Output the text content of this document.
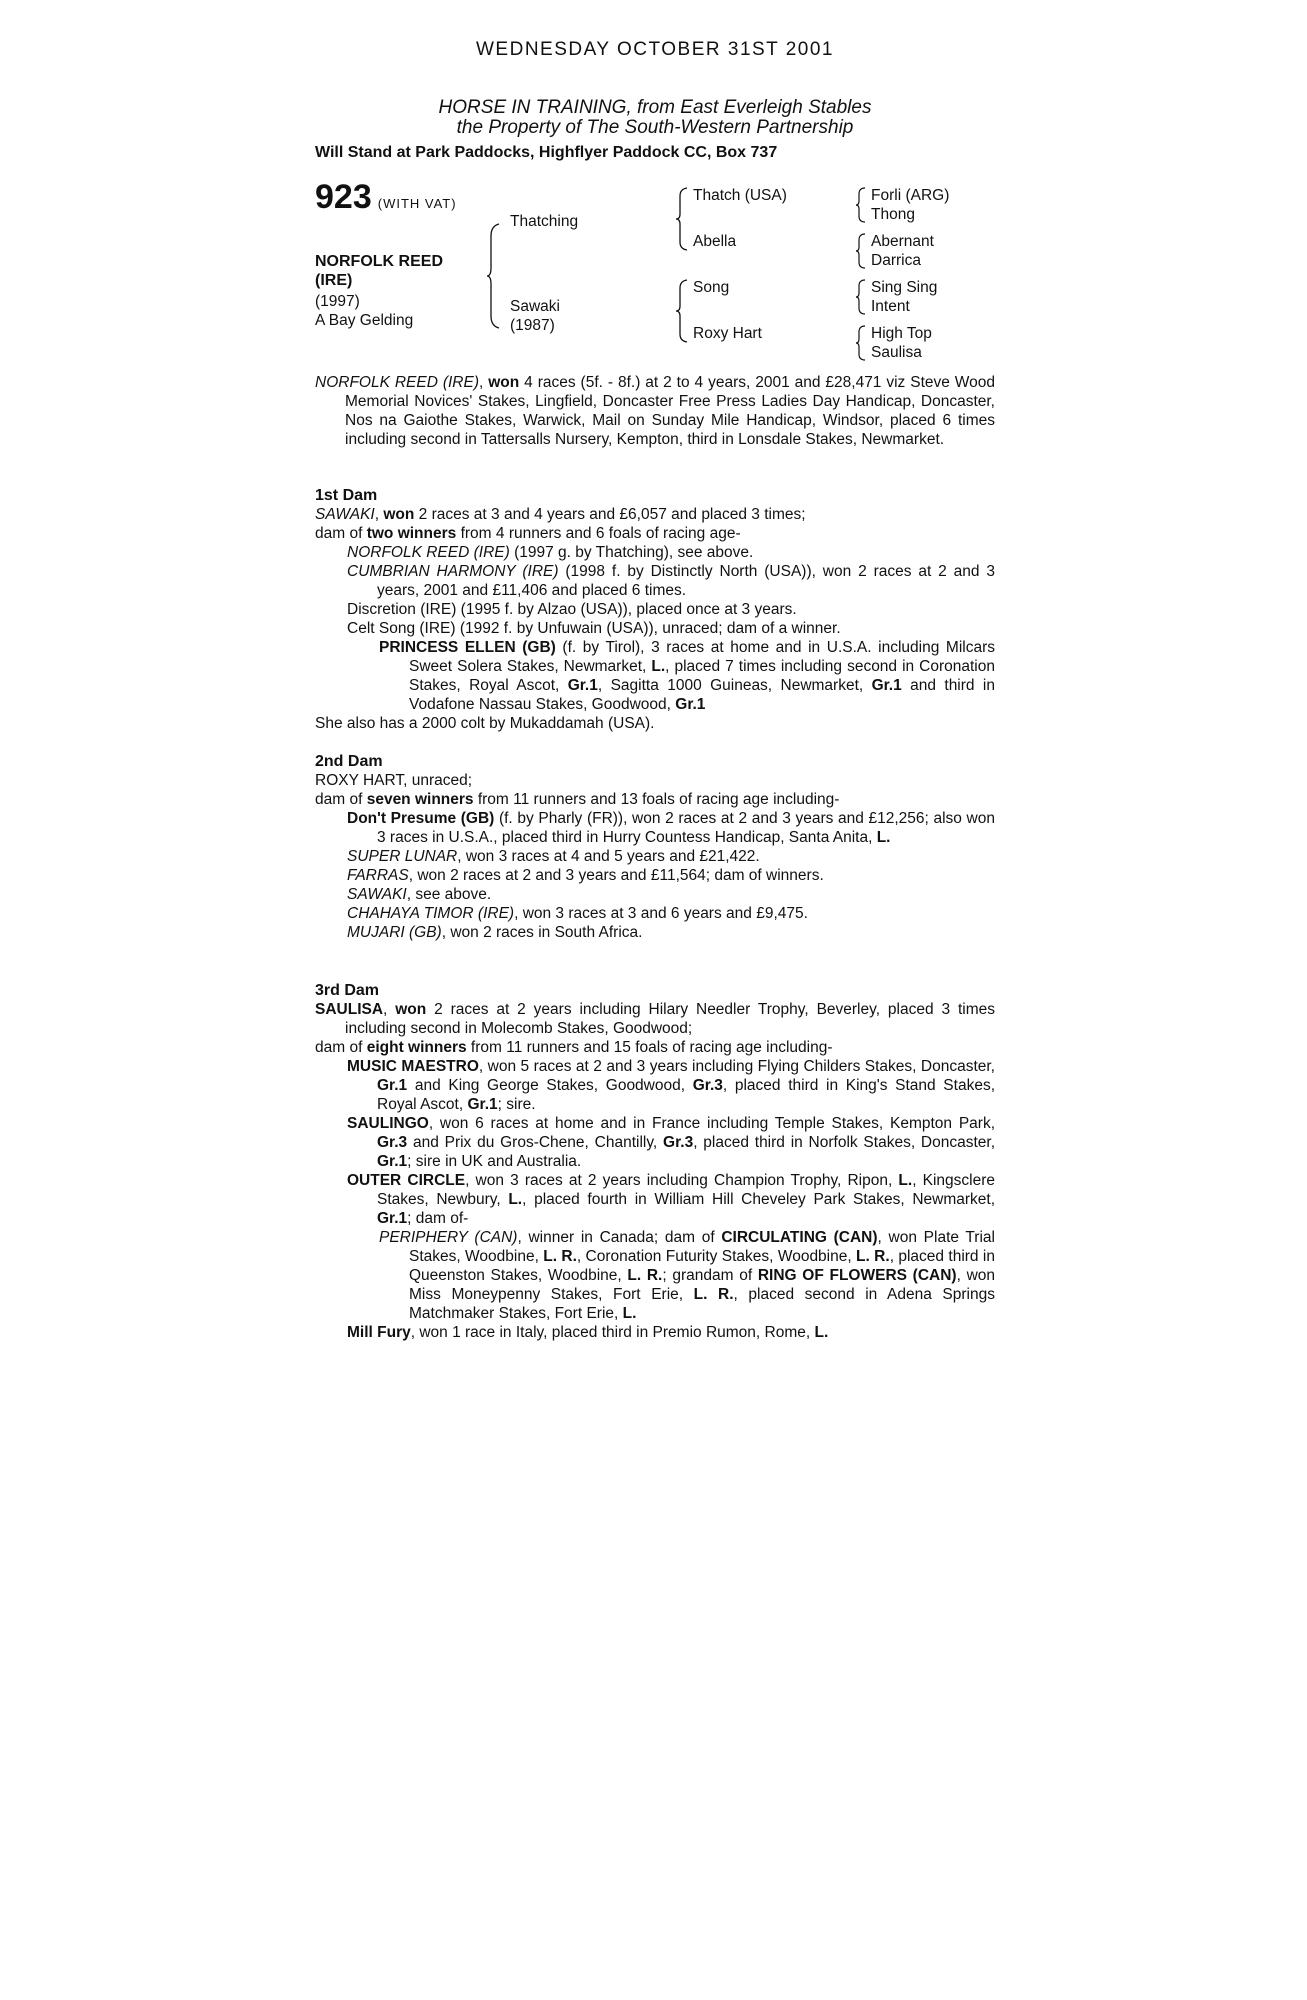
WEDNESDAY OCTOBER 31ST 2001
HORSE IN TRAINING, from East Everleigh Stables
the Property of The South-Western Partnership
Will Stand at Park Paddocks, Highflyer Paddock CC, Box 737
923 (WITH VAT)
NORFOLK REED
(IRE)
(1997)
A Bay Gelding
Thatching
Sawaki
(1987)
Thatch (USA)
Abella
Song
Roxy Hart
Forli (ARG)
Thong
Abernant
Darrica
Sing Sing
Intent
High Top
Saulisa

NORFOLK REED (IRE), won 4 races (5f. - 8f.) at 2 to 4 years, 2001 and £28,471 viz Steve Wood Memorial Novices' Stakes, Lingfield, Doncaster Free Press Ladies Day Handicap, Doncaster, Nos na Gaiothe Stakes, Warwick, Mail on Sunday Mile Handicap, Windsor, placed 6 times including second in Tattersalls Nursery, Kempton, third in Lonsdale Stakes, Newmarket.

1st Dam

SAWAKI, won 2 races at 3 and 4 years and £6,057 and placed 3 times;

dam of two winners from 4 runners and 6 foals of racing age-

NORFOLK REED (IRE) (1997 g. by Thatching), see above.

CUMBRIAN HARMONY (IRE) (1998 f. by Distinctly North (USA)), won 2 races at 2 and 3 years, 2001 and £11,406 and placed 6 times.

Discretion (IRE) (1995 f. by Alzao (USA)), placed once at 3 years.

Celt Song (IRE) (1992 f. by Unfuwain (USA)), unraced; dam of a winner.

PRINCESS ELLEN (GB) (f. by Tirol), 3 races at home and in U.S.A. including Milcars Sweet Solera Stakes, Newmarket, L., placed 7 times including second in Coronation Stakes, Royal Ascot, Gr.1, Sagitta 1000 Guineas, Newmarket, Gr.1 and third in Vodafone Nassau Stakes, Goodwood, Gr.1

She also has a 2000 colt by Mukaddamah (USA).

2nd Dam

ROXY HART, unraced;

dam of seven winners from 11 runners and 13 foals of racing age including-

Don't Presume (GB) (f. by Pharly (FR)), won 2 races at 2 and 3 years and £12,256; also won 3 races in U.S.A., placed third in Hurry Countess Handicap, Santa Anita, L.

SUPER LUNAR, won 3 races at 4 and 5 years and £21,422.

FARRAS, won 2 races at 2 and 3 years and £11,564; dam of winners.

SAWAKI, see above.

CHAHAYA TIMOR (IRE), won 3 races at 3 and 6 years and £9,475.

MUJARI (GB), won 2 races in South Africa.

3rd Dam

SAULISA, won 2 races at 2 years including Hilary Needler Trophy, Beverley, placed 3 times including second in Molecomb Stakes, Goodwood;

dam of eight winners from 11 runners and 15 foals of racing age including-

MUSIC MAESTRO, won 5 races at 2 and 3 years including Flying Childers Stakes, Doncaster, Gr.1 and King George Stakes, Goodwood, Gr.3, placed third in King's Stand Stakes, Royal Ascot, Gr.1; sire.

SAULINGO, won 6 races at home and in France including Temple Stakes, Kempton Park, Gr.3 and Prix du Gros-Chene, Chantilly, Gr.3, placed third in Norfolk Stakes, Doncaster, Gr.1; sire in UK and Australia.

OUTER CIRCLE, won 3 races at 2 years including Champion Trophy, Ripon, L., Kingsclere Stakes, Newbury, L., placed fourth in William Hill Cheveley Park Stakes, Newmarket, Gr.1; dam of-

PERIPHERY (CAN), winner in Canada; dam of CIRCULATING (CAN), won Plate Trial Stakes, Woodbine, L. R., Coronation Futurity Stakes, Woodbine, L. R., placed third in Queenston Stakes, Woodbine, L. R.; grandam of RING OF FLOWERS (CAN), won Miss Moneypenny Stakes, Fort Erie, L. R., placed second in Adena Springs Matchmaker Stakes, Fort Erie, L.

Mill Fury, won 1 race in Italy, placed third in Premio Rumon, Rome, L.
